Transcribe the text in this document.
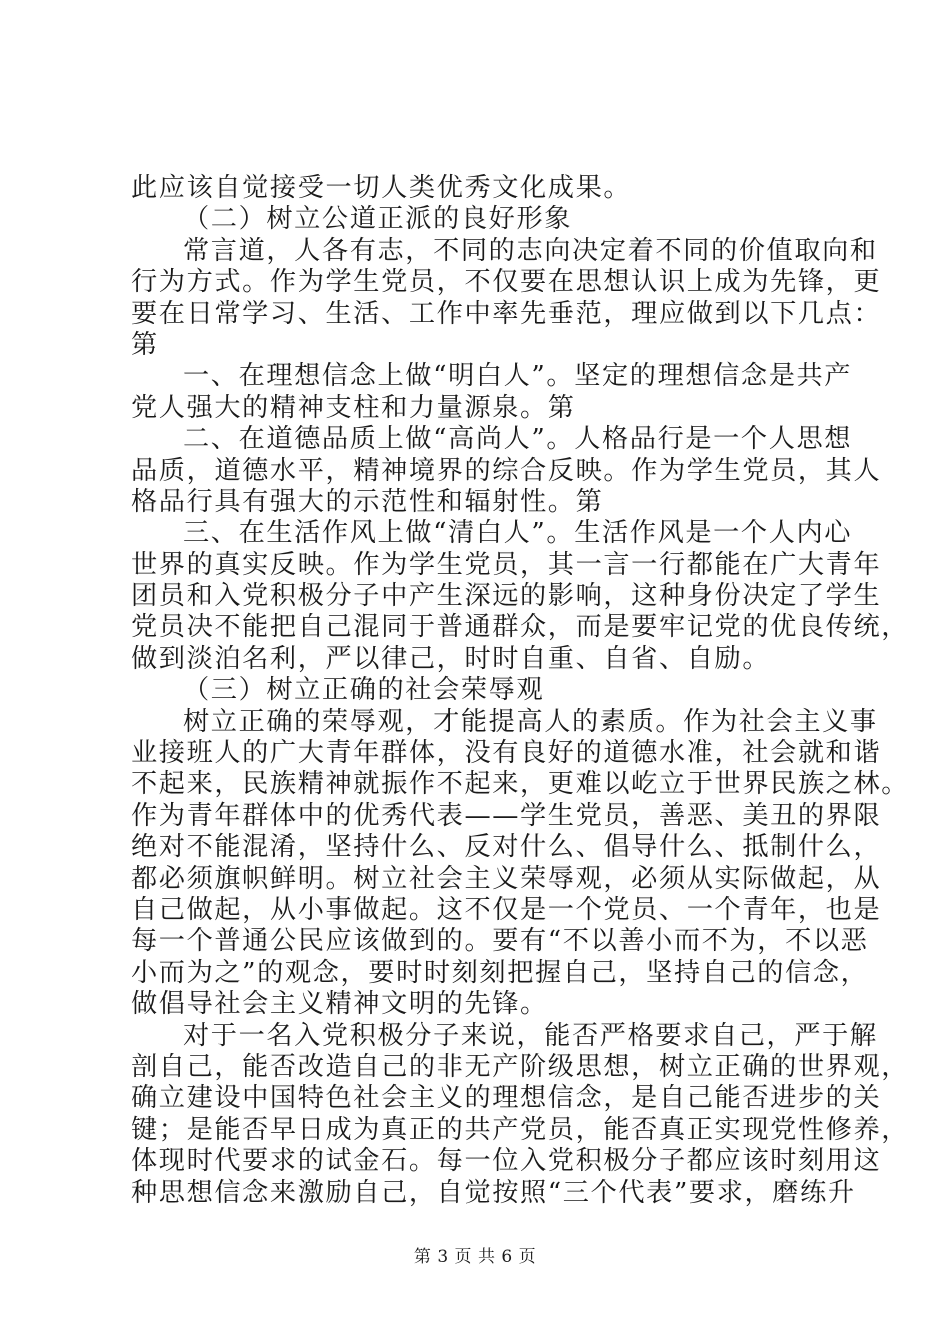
此应该自觉接受一切人类优秀文化成果。
（二）树立公道正派的良好形象
常言道，人各有志，不同的志向决定着不同的价值取向和
行为方式。作为学生党员，不仅要在思想认识上成为先锋，更
要在日常学习、生活、工作中率先垂范，理应做到以下几点：
第
一、在理想信念上做“明白人”。坚定的理想信念是共产
党人强大的精神支柱和力量源泉。第
二、在道德品质上做“高尚人”。人格品行是一个人思想
品质，道德水平，精神境界的综合反映。作为学生党员，其人
格品行具有强大的示范性和辐射性。第
三、在生活作风上做“清白人”。生活作风是一个人内心
世界的真实反映。作为学生党员，其一言一行都能在广大青年
团员和入党积极分子中产生深远的影响，这种身份决定了学生
党员决不能把自己混同于普通群众，而是要牢记党的优良传统，
做到淡泊名利，严以律己，时时自重、自省、自励。
（三）树立正确的社会荣辱观
树立正确的荣辱观，才能提高人的素质。作为社会主义事
业接班人的广大青年群体，没有良好的道德水准，社会就和谐
不起来，民族精神就振作不起来，更难以屹立于世界民族之林。
作为青年群体中的优秀代表——学生党员，善恶、美丑的界限
绝对不能混淆，坚持什么、反对什么、倡导什么、抵制什么，
都必须旗帜鲜明。树立社会主义荣辱观，必须从实际做起，从
自己做起，从小事做起。这不仅是一个党员、一个青年，也是
每一个普通公民应该做到的。要有“不以善小而不为，不以恶
小而为之”的观念，要时时刻刻把握自己，坚持自己的信念，
做倡导社会主义精神文明的先锋。
对于一名入党积极分子来说，能否严格要求自己，严于解
剖自己，能否改造自己的非无产阶级思想，树立正确的世界观，
确立建设中国特色社会主义的理想信念，是自己能否进步的关
键；是能否早日成为真正的共产党员，能否真正实现党性修养，
体现时代要求的试金石。每一位入党积极分子都应该时刻用这
种思想信念来激励自己，自觉按照“三个代表”要求，磨练升
第 3 页 共 6 页
